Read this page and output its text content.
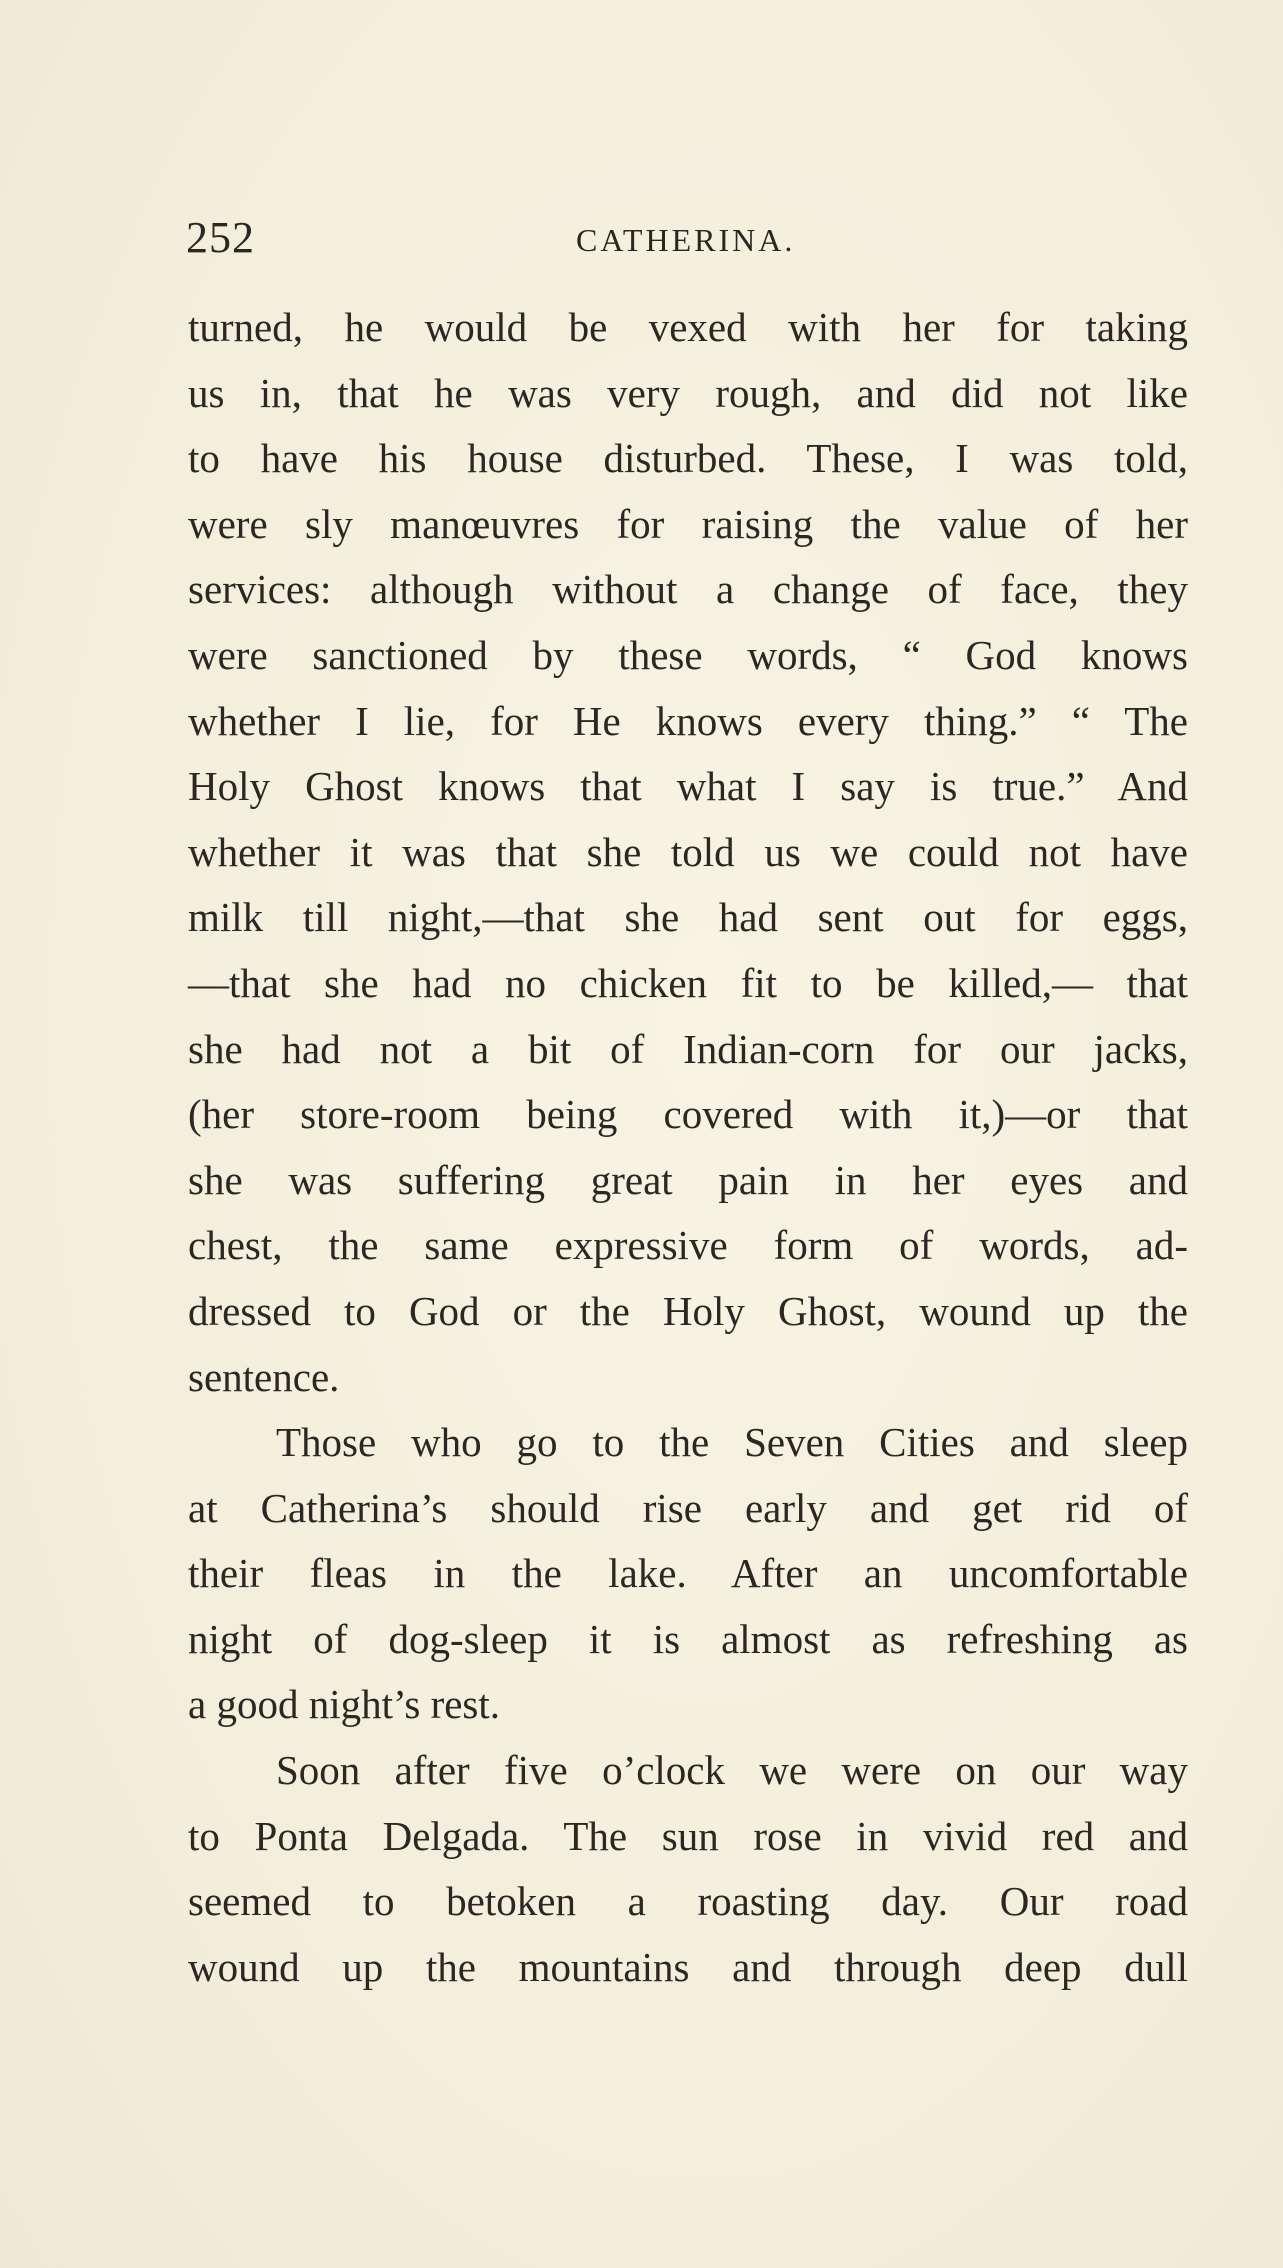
252	CATHERINA.
turned, he would be vexed with her for taking
us in, that he was very rough, and did not like
to have his house disturbed. These, I was told,
were sly manœuvres for raising the value of her
services: although without a change of face, they
were sanctioned by these words, “ God knows
whether I lie, for He knows every thing.” “ The
Holy Ghost knows that what I say is true.” And
whether it was that she told us we could not have
milk till night,—that she had sent out for eggs,
—that she had no chicken fit to be killed,— that
she had not a bit of Indian-corn for our jacks,
(her store-room being covered with it,)—or that
she was suffering great pain in her eyes and
chest, the same expressive form of words, ad-
dressed to God or the Holy Ghost, wound up the
sentence.
Those who go to the Seven Cities and sleep
at Catherina’s should rise early and get rid of
their fleas in the lake. After an uncomfortable
night of dog-sleep it is almost as refreshing as
a good night’s rest.
Soon after five o’clock we were on our way
to Ponta Delgada. The sun rose in vivid red and
seemed to betoken a roasting day. Our road
wound up the mountains and through deep dull
